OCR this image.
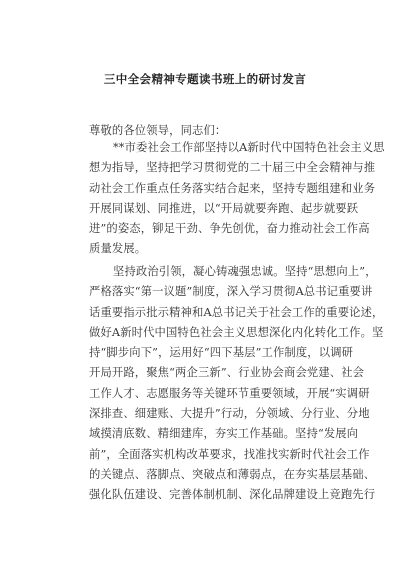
三中全会精神专题读书班上的研讨发言
尊敬的各位领导，同志们：
**市委社会工作部坚持以A新时代中国特色社会主义思
想为指导，坚持把学习贯彻党的二十届三中全会精神与推
动社会工作重点任务落实结合起来，坚持专题组建和业务
开展同谋划、同推进，以“开局就要奔跑、起步就要跃
进”的姿态，铆足干劲、争先创优，奋力推动社会工作高
质量发展。
坚持政治引领，凝心铸魂强忠诚。坚持“思想向上”，
严格落实“第一议题”制度，深入学习贯彻A总书记重要讲
话重要指示批示精神和A总书记关于社会工作的重要论述，
做好A新时代中国特色社会主义思想深化内化转化工作。坚
持“脚步向下”，运用好“四下基层”工作制度，以调研
开局开路，聚焦“两企三新”、行业协会商会党建、社会
工作人才、志愿服务等关键环节重要领域，开展“实调研
深排查、细建账、大提升”行动，分领域、分行业、分地
域摸清底数、精细建库，夯实工作基础。坚持“发展向
前”，全面落实机构改革要求，找准找实新时代社会工作
的关键点、落脚点、突破点和薄弱点，在夯实基层基础、
强化队伍建设、完善体制机制、深化品牌建设上竞跑先行
